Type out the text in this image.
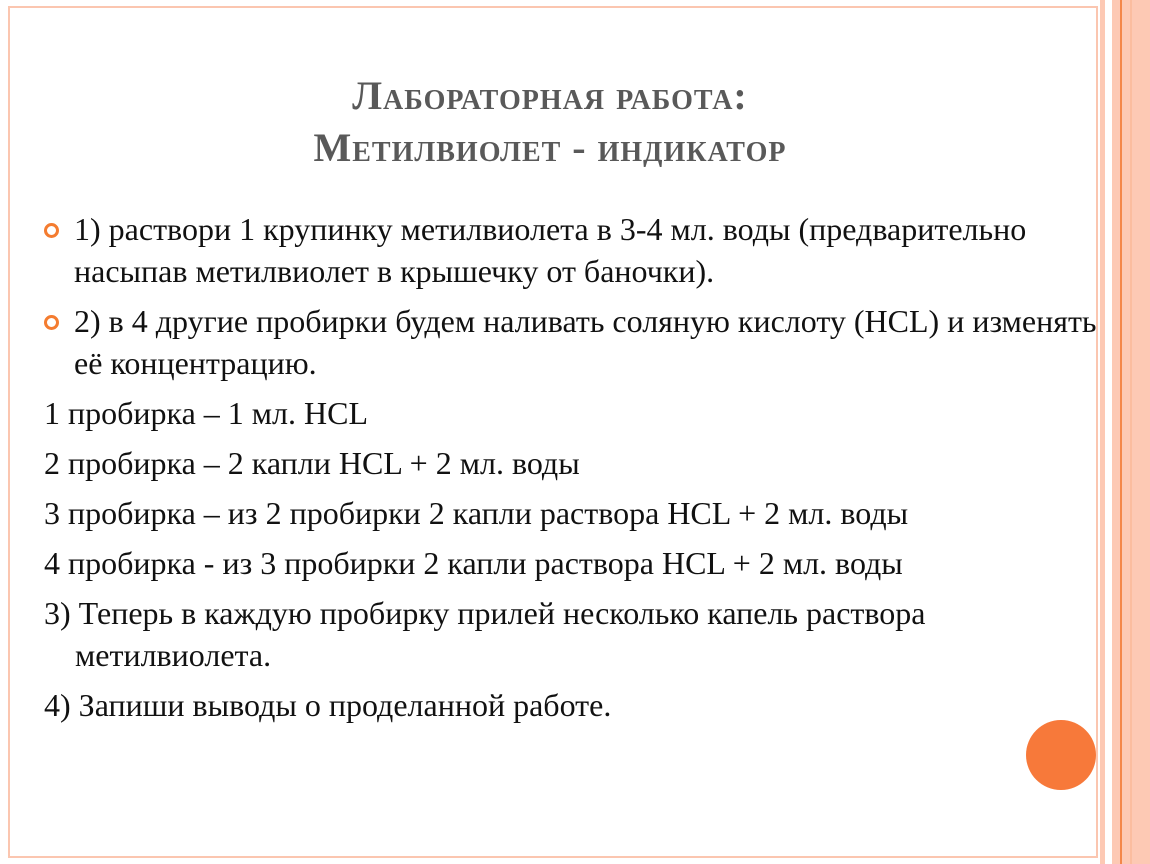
Лабораторная работа:
Метилвиолет - индикатор
1) раствори 1 крупинку метилвиолета в 3-4 мл. воды (предварительно насыпав метилвиолет в крышечку от баночки).
2) в 4 другие пробирки будем наливать соляную кислоту (HCL) и изменять её концентрацию.
1 пробирка – 1 мл. HCL
2 пробирка – 2 капли HCL + 2 мл. воды
3 пробирка – из 2 пробирки 2 капли раствора HCL + 2 мл. воды
4 пробирка - из 3 пробирки 2 капли раствора HCL + 2 мл. воды
3) Теперь в каждую пробирку прилей несколько капель раствора метилвиолета.
4) Запиши выводы о проделанной работе.
